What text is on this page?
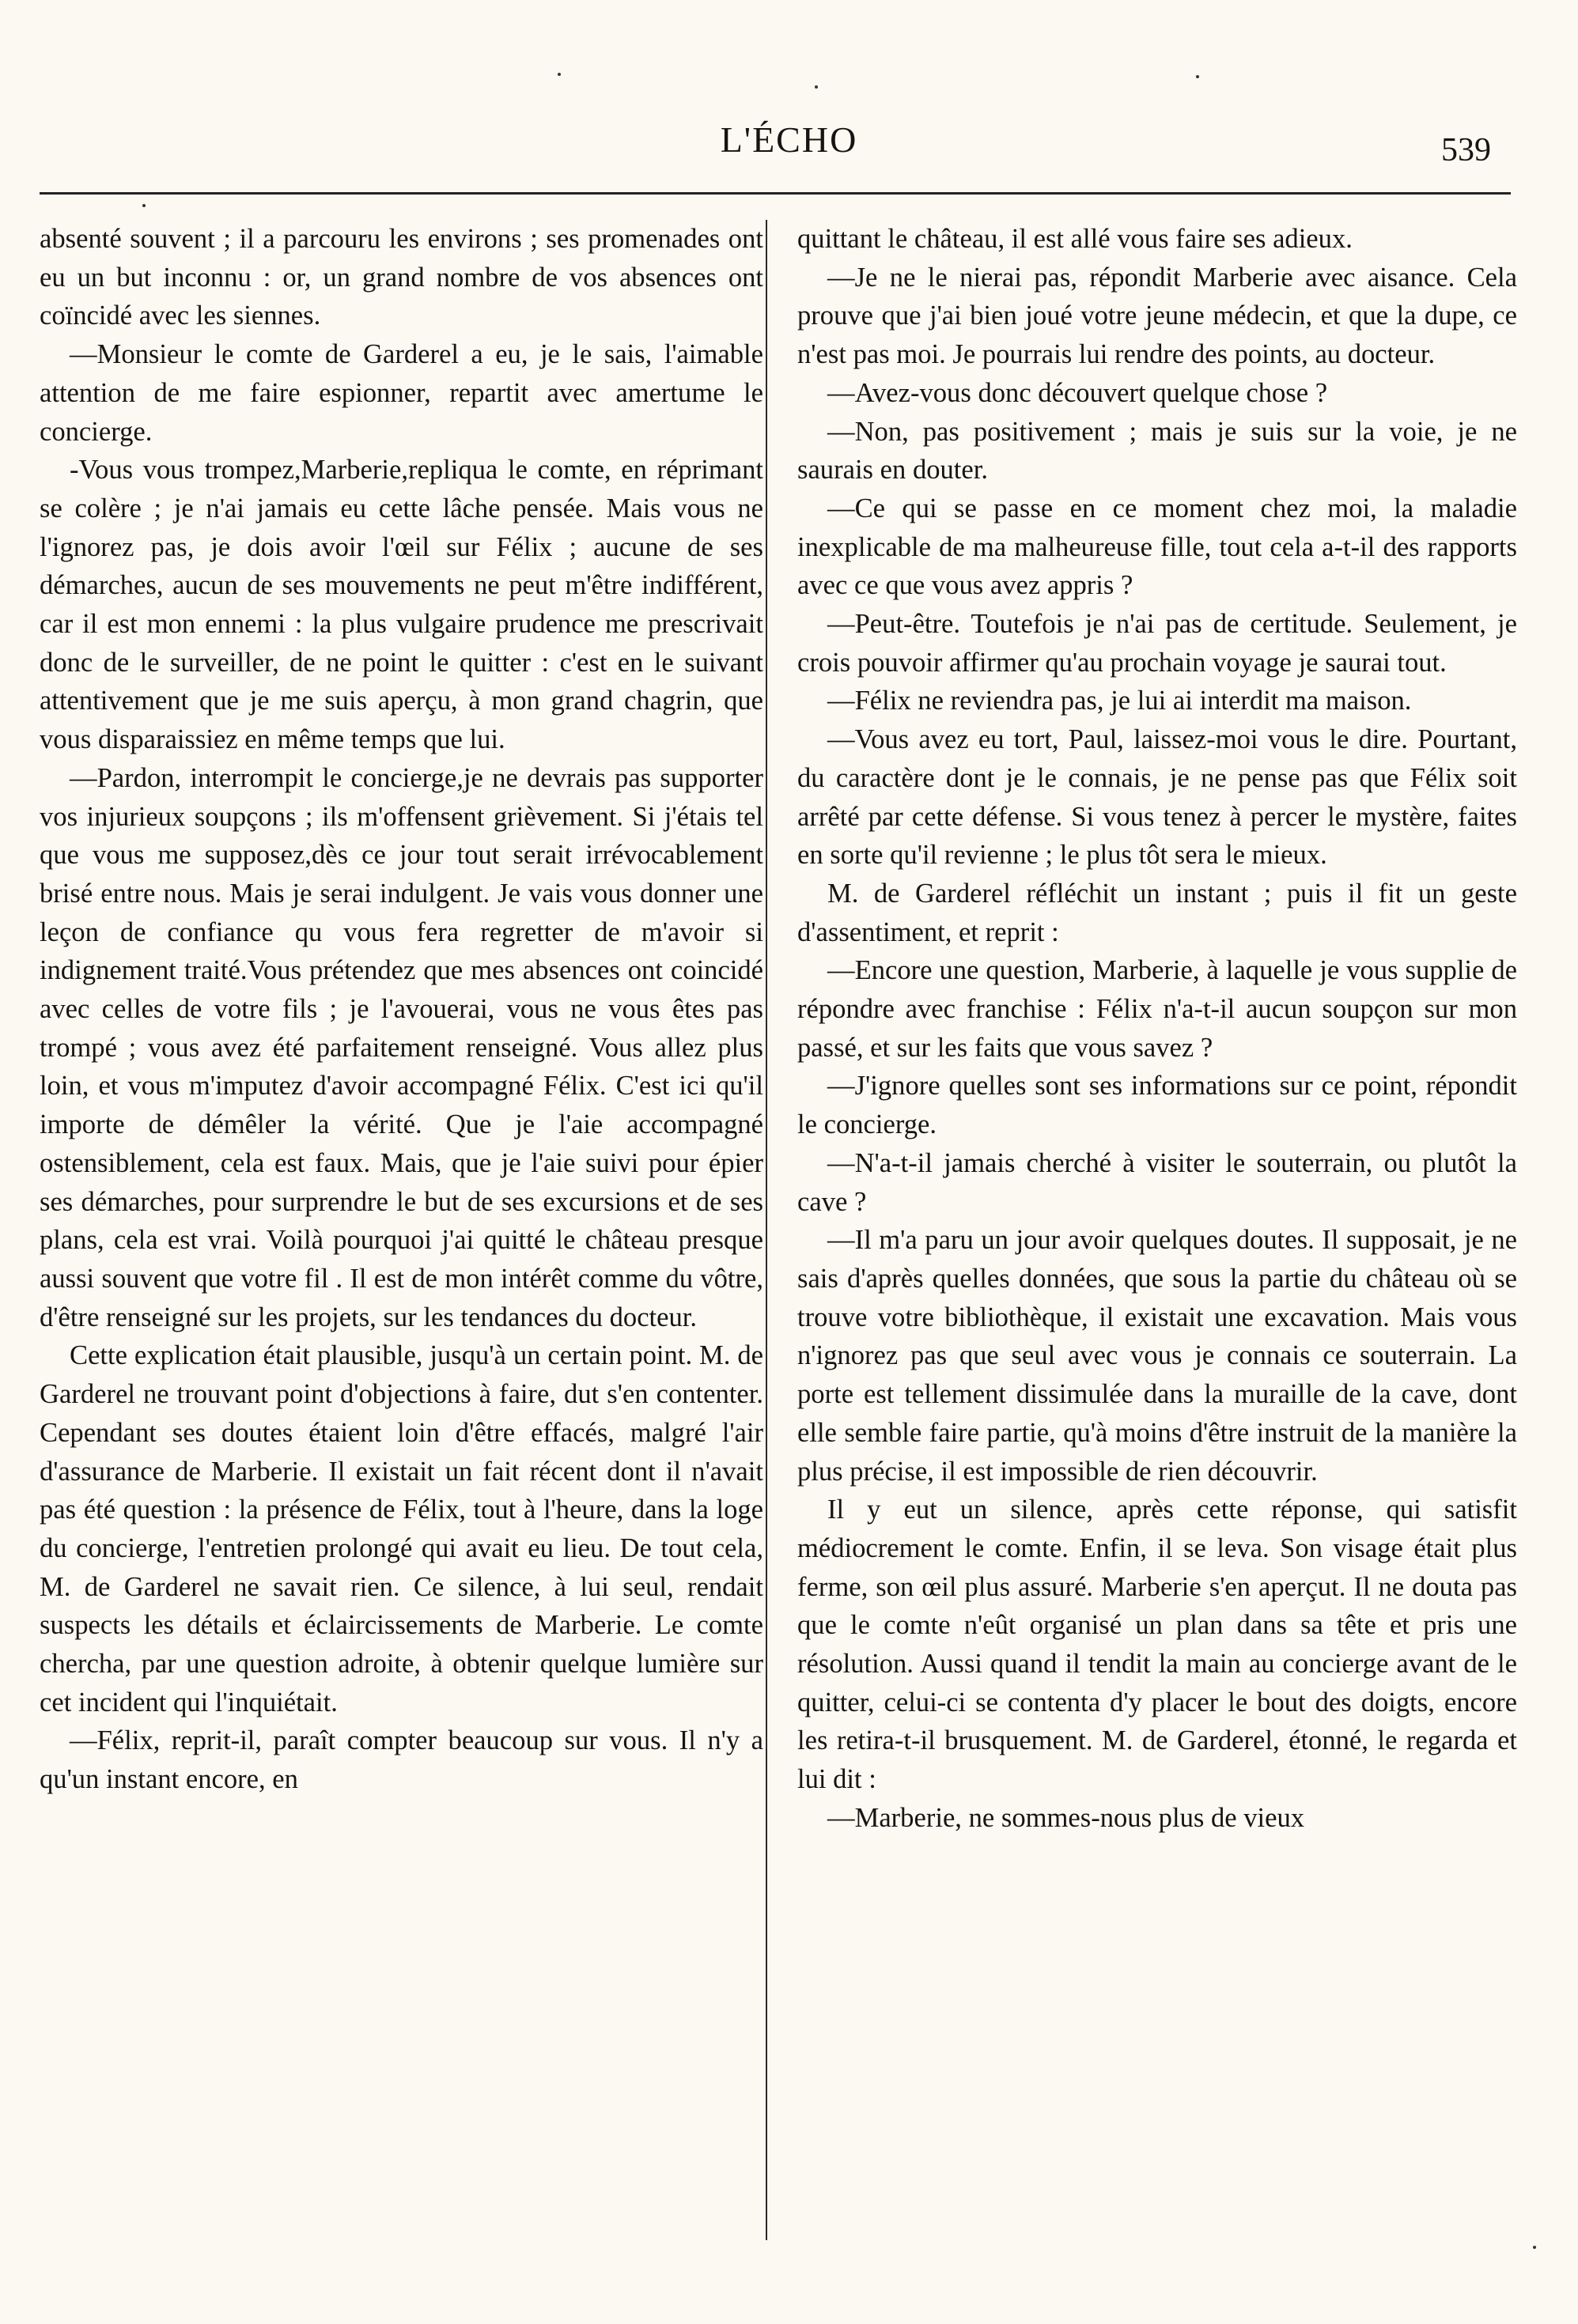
L'ÉCHO	539

absenté souvent ; il a parcouru les environs ; ses promenades ont eu un but inconnu : or, un grand nombre de vos absences ont coïncidé avec les siennes.

—Monsieur le comte de Garderel a eu, je le sais, l'aimable attention de me faire espionner, repartit avec amertume le concierge.

-Vous vous trompez,Marberie,repliqua le comte, en réprimant se colère ; je n'ai jamais eu cette lâche pensée. Mais vous ne l'ignorez pas, je dois avoir l'œil sur Félix ; aucune de ses démarches, aucun de ses mouvements ne peut m'être indifférent, car il est mon ennemi : la plus vulgaire prudence me prescrivait donc de le surveiller, de ne point le quitter : c'est en le suivant attentivement que je me suis aperçu, à mon grand chagrin, que vous disparaissiez en même temps que lui.

—Pardon, interrompit le concierge,je ne devrais pas supporter vos injurieux soupçons ; ils m'offensent grièvement. Si j'étais tel que vous me supposez,dès ce jour tout serait irrévocablement brisé entre nous. Mais je serai indulgent. Je vais vous donner une leçon de confiance qu vous fera regretter de m'avoir si indignement traité.Vous prétendez que mes absences ont coincidé avec celles de votre fils ; je l'avouerai, vous ne vous êtes pas trompé ; vous avez été parfaitement renseigné. Vous allez plus loin, et vous m'imputez d'avoir accompagné Félix. C'est ici qu'il importe de démêler la vérité. Que je l'aie accompagné ostensiblement, cela est faux. Mais, que je l'aie suivi pour épier ses démarches, pour surprendre le but de ses excursions et de ses plans, cela est vrai. Voilà pourquoi j'ai quitté le château presque aussi souvent que votre fil . Il est de mon intérêt comme du vôtre, d'être renseigné sur les projets, sur les tendances du docteur.

Cette explication était plausible, jusqu'à un certain point. M. de Garderel ne trouvant point d'objections à faire, dut s'en contenter. Cependant ses doutes étaient loin d'être effacés, malgré l'air d'assurance de Marberie. Il existait un fait récent dont il n'avait pas été question : la présence de Félix, tout à l'heure, dans la loge du concierge, l'entretien prolongé qui avait eu lieu. De tout cela, M. de Garderel ne savait rien. Ce silence, à lui seul, rendait suspects les détails et éclaircissements de Marberie. Le comte chercha, par une question adroite, à obtenir quelque lumière sur cet incident qui l'inquiétait.

—Félix, reprit-il, paraît compter beaucoup sur vous. Il n'y a qu'un instant encore, en

quittant le château, il est allé vous faire ses adieux.

—Je ne le nierai pas, répondit Marberie avec aisance. Cela prouve que j'ai bien joué votre jeune médecin, et que la dupe, ce n'est pas moi. Je pourrais lui rendre des points, au docteur.

—Avez-vous donc découvert quelque chose ?

—Non, pas positivement ; mais je suis sur la voie, je ne saurais en douter.

—Ce qui se passe en ce moment chez moi, la maladie inexplicable de ma malheureuse fille, tout cela a-t-il des rapports avec ce que vous avez appris ?

—Peut-être. Toutefois je n'ai pas de certitude. Seulement, je crois pouvoir affirmer qu'au prochain voyage je saurai tout.

—Félix ne reviendra pas, je lui ai interdit ma maison.

—Vous avez eu tort, Paul, laissez-moi vous le dire. Pourtant, du caractère dont je le connais, je ne pense pas que Félix soit arrêté par cette défense. Si vous tenez à percer le mystère, faites en sorte qu'il revienne ; le plus tôt sera le mieux.

M. de Garderel réfléchit un instant ; puis il fit un geste d'assentiment, et reprit :

—Encore une question, Marberie, à laquelle je vous supplie de répondre avec franchise : Félix n'a-t-il aucun soupçon sur mon passé, et sur les faits que vous savez ?

—J'ignore quelles sont ses informations sur ce point, répondit le concierge.

—N'a-t-il jamais cherché à visiter le souterrain, ou plutôt la cave ?

—Il m'a paru un jour avoir quelques doutes. Il supposait, je ne sais d'après quelles données, que sous la partie du château où se trouve votre bibliothèque, il existait une excavation. Mais vous n'ignorez pas que seul avec vous je connais ce souterrain. La porte est tellement dissimulée dans la muraille de la cave, dont elle semble faire partie, qu'à moins d'être instruit de la manière la plus précise, il est impossible de rien découvrir.

Il y eut un silence, après cette réponse, qui satisfit médiocrement le comte. Enfin, il se leva. Son visage était plus ferme, son œil plus assuré. Marberie s'en aperçut. Il ne douta pas que le comte n'eût organisé un plan dans sa tête et pris une résolution. Aussi quand il tendit la main au concierge avant de le quitter, celui-ci se contenta d'y placer le bout des doigts, encore les retira-t-il brusquement. M. de Garderel, étonné, le regarda et lui dit :

—Marberie, ne sommes-nous plus de vieux
